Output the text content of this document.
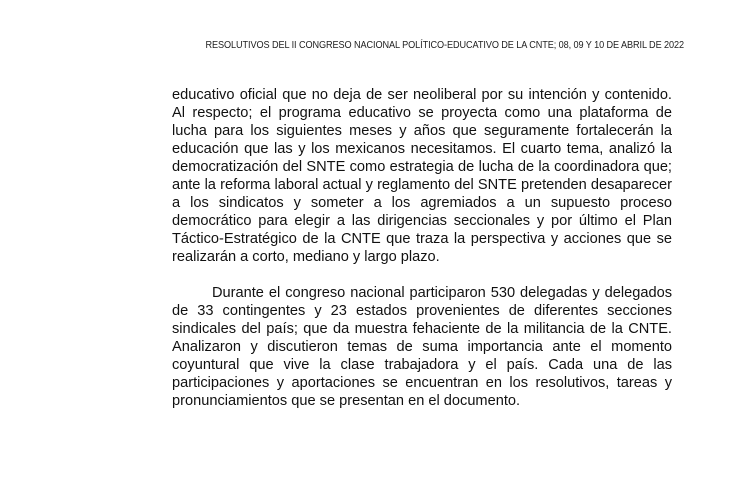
RESOLUTIVOS DEL II CONGRESO NACIONAL POLÍTICO-EDUCATIVO DE LA CNTE; 08, 09 Y 10 DE ABRIL DE 2022

educativo oficial que no deja de ser neoliberal por su intención y contenido. Al respecto; el programa educativo se proyecta como una plataforma de lucha para los siguientes meses y años que seguramente fortalecerán la educación que las y los mexicanos necesitamos. El cuarto tema, analizó la democratización del SNTE como estrategia de lucha de la coordinadora que; ante la reforma laboral actual y reglamento del SNTE pretenden desaparecer a los sindicatos y someter a los agremiados a un supuesto proceso democrático para elegir a las dirigencias seccionales y por último el Plan Táctico-Estratégico de la CNTE que traza la perspectiva y acciones que se realizarán a corto, mediano y largo plazo.

Durante el congreso nacional participaron 530 delegadas y delegados de 33 contingentes y 23 estados provenientes de diferentes secciones sindicales del país; que da muestra fehaciente de la militancia de la CNTE. Analizaron y discutieron temas de suma importancia ante el momento coyuntural que vive la clase trabajadora y el país. Cada una de las participaciones y aportaciones se encuentran en los resolutivos, tareas y pronunciamientos que se presentan en el documento.
